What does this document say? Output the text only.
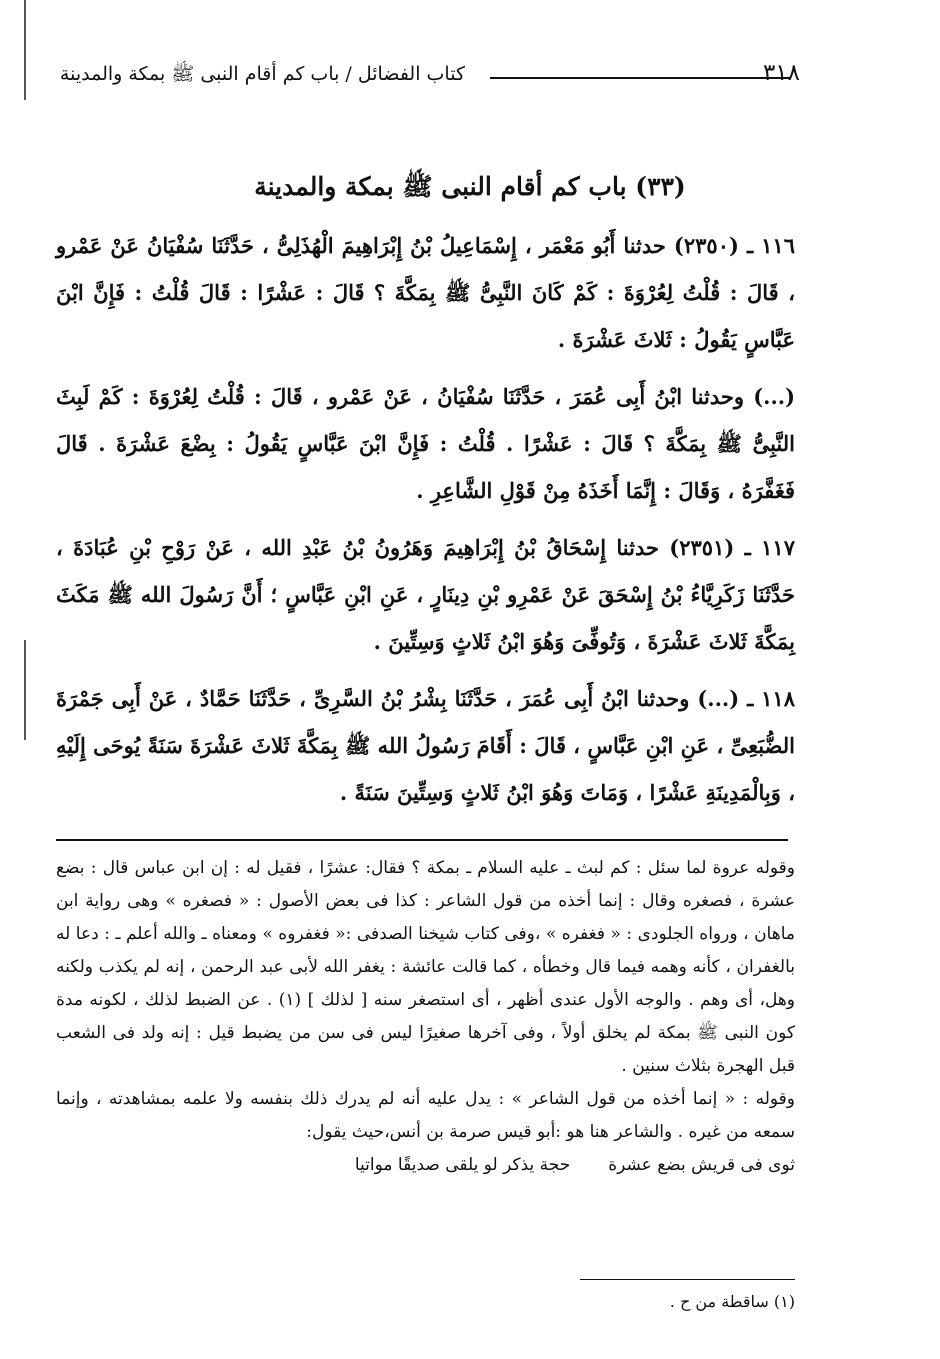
٣١٨
كتاب الفضائل / باب كم أقام النبى ﷺ بمكة والمدينة
(٣٣) باب كم أقام النبى ﷺ بمكة والمدينة

١١٦ ـ (٢٣٥٠) حدثنا أَبُو مَعْمَر ، إِسْمَاعِيلُ بْنُ إِبْرَاهِيمَ الْهُذَلِىُّ ، حَدَّثَنَا سُفْيَانُ عَنْ عَمْرو ، قَالَ : قُلْتُ لِعُرْوَةَ : كَمْ كَانَ النَّبِىُّ ﷺ بِمَكَّةَ ؟ قَالَ : عَشْرًا : قَالَ قُلْتُ : فَإِنَّ ابْنَ عَبَّاسٍ يَقُولُ : ثَلاثَ عَشْرَةَ .

(...) وحدثنا ابْنُ أَبِى عُمَرَ ، حَدَّثَنَا سُفْيَانُ ، عَنْ عَمْرو ، قَالَ : قُلْتُ لِعُرْوَةَ : كَمْ لَبِثَ النَّبِىُّ ﷺ بِمَكَّةَ ؟ قَالَ : عَشْرًا . قُلْتُ : فَإِنَّ ابْنَ عَبَّاسٍ يَقُولُ : بِضْعَ عَشْرَةَ . قَالَ فَغَفَّرَهُ ، وَقَالَ : إِنَّمَا أَخَذَهُ مِنْ قَوْلِ الشَّاعِرِ .

١١٧ ـ (٢٣٥١) حدثنا إِسْحَاقُ بْنُ إِبْرَاهِيمَ وَهَرُونُ بْنُ عَبْدِ الله ، عَنْ رَوْحِ بْنِ عُبَادَةَ ، حَدَّثَنَا زَكَرِيَّاءُ بْنُ إِسْحَقَ عَنْ عَمْرِو بْنِ دِينَارٍ ، عَنِ ابْنِ عَبَّاسٍ ؛ أَنَّ رَسُولَ الله ﷺ مَكَثَ بِمَكَّةَ ثَلاثَ عَشْرَةَ ، وَتُوفِّىَ وَهُوَ ابْنُ ثَلاثٍ وَسِتِّينَ .

١١٨ ـ (...) وحدثنا ابْنُ أَبِى عُمَرَ ، حَدَّثَنَا بِشْرُ بْنُ السَّرِىِّ ، حَدَّثَنَا حَمَّادٌ ، عَنْ أَبِى جَمْرَةَ الضُّبَعِىِّ ، عَنِ ابْنِ عَبَّاسٍ ، قَالَ : أَقَامَ رَسُولُ الله ﷺ بِمَكَّةَ ثَلاثَ عَشْرَةَ سَنَةً يُوحَى إِلَيْهِ ، وَبِالْمَدِينَةِ عَشْرًا ، وَمَاتَ وَهُوَ ابْنُ ثَلاثٍ وَسِتِّينَ سَنَةً .

وقوله عروة لما سئل : كم لبث ـ عليه السلام ـ بمكة ؟ فقال: عشرًا ، فقيل له : إن ابن عباس قال : بضع عشرة ، فصغره وقال : إنما أخذه من قول الشاعر : كذا فى بعض الأصول : « فصغره » وهى رواية ابن ماهان ، ورواه الجلودى : « فغفره » ،وفى كتاب شيخنا الصدفى :« فغفروه » ومعناه ـ والله أعلم ـ : دعا له بالغفران ، كأنه وهمه فيما قال وخطأه ، كما قالت عائشة : يغفر الله لأبى عبد الرحمن ، إنه لم يكذب ولكنه وهل، أى وهم . والوجه الأول عندى أظهر ، أى استصغر سنه [ لذلك ] (١) . عن الضبط لذلك ، لكونه مدة كون النبى ﷺ بمكة لم يخلق أولاً ، وفى آخرها صغيرًا ليس فى سن من يضبط قيل : إنه ولد فى الشعب قبل الهجرة بثلاث سنين .

وقوله : « إنما أخذه من قول الشاعر » : يدل عليه أنه لم يدرك ذلك بنفسه ولا علمه بمشاهدته ، وإنما سمعه من غيره . والشاعر هنا هو :أبو قيس صرمة بن أنس،حيث يقول:

ثوى فى قريش بضع عشرة
حجة يذكر لو يلقى صديقًا مواتيا
(١) ساقطة من ح .
